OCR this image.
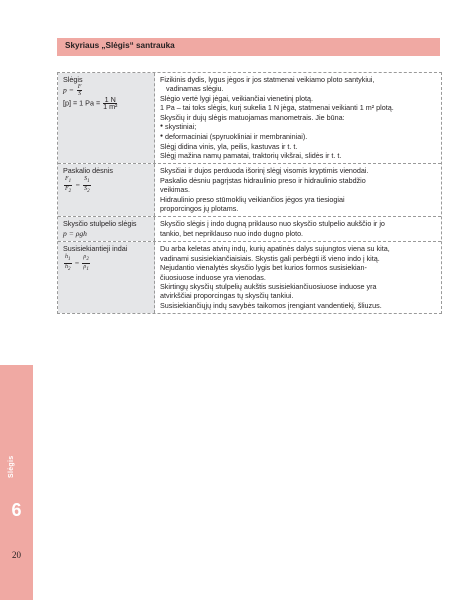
Skyriaus „Slėgis“ santrauka
Slėgis
$p = \frac{F}{S}$
[p] = 1 $Pa = \frac{1 N}{\text{1 m²}}$
Fizikinis dydis, lygus jėgos ir jos statmenai veikiamo ploto santykiui,
vadinamas slėgiu.
Slėgio vertė lygi jėgai, veikiančiai vienetinį plotą.
1 Pa – tai toks slėgis, kurį sukelia 1 N jėga, statmenai veikianti 1 m² plotą.
Skysčių ir dujų slėgis matuojamas manometrais. Jie būna:
● skystiniai;
● deformaciniai (spyruokliniai ir membraniniai).
Slėgį didina vinis, yla, peilis, kastuvas ir t. t.
Slėgį mažina namų pamatai, traktorių vikšrai, slidės ir t. t.
Paskalio dėsnis
$\frac{F_1}{F_2} = \frac{S_1}{S_2}$
Skysčiai ir dujos perduoda išorinį slėgį visomis kryptimis vienodai.
Paskalio dėsniu pagrįstas hidraulinio preso ir hidraulinio stabdžio
veikimas.
Hidraulinio preso stūmoklių veikiančios jėgos yra tiesiogiai
proporcingos jų plotams.
Skysčio stulpelio slėgis
p = ρgh
Skysčio slėgis į indo dugną priklauso nuo skysčio stulpelio aukščio ir jo
tankio, bet nepriklauso nuo indo dugno ploto.
Susisiekiantieji indai
$\frac{h_1}{h_2} = \frac{\rho_2}{\rho_1}$
Du arba keletas atvirų indų, kurių apatinės dalys sujungtos viena su kita,
vadinami susisiekiančiaisiais. Skystis gali perbėgti iš vieno indo į kitą.
Nejudantio vienalytės skysčio lygis bet kurios formos susisiekian-
čiuosiuose induose yra vienodas.
Skirtingų skysčių stulpelių aukštis susisiekiančiuosiuose induose yra
atvirkščiai proporcingas tų skysčių tankiui.
Susisiekiančiųjų indų savybės taikomos įrengiant vandentiekį, šliuzus.
Slėgis
6
20
